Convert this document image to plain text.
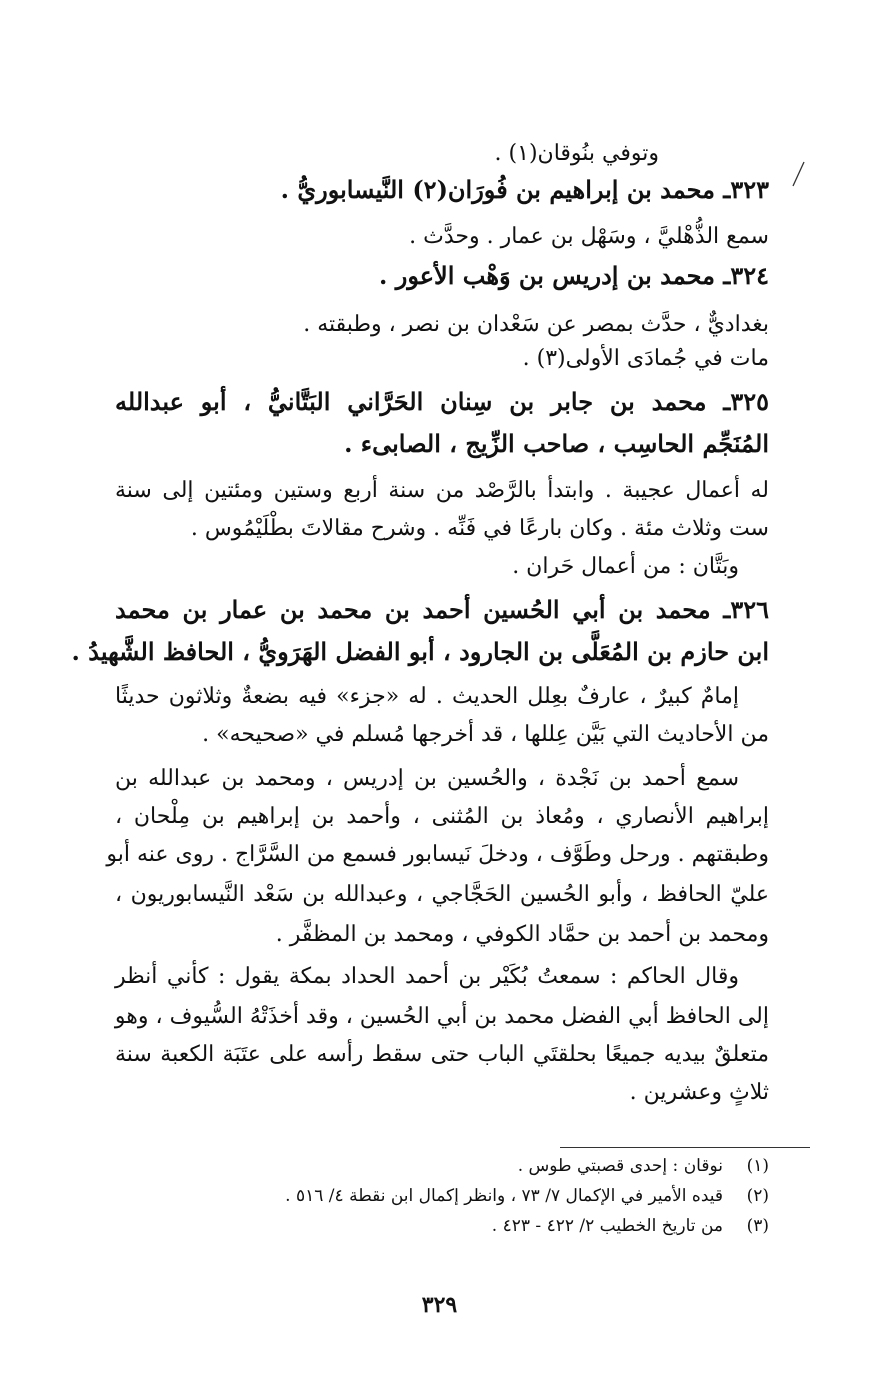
وتوفي بنُوقان(١) .
٣٢٣ـ محمد بن إبراهيم بن فُورَان(٢) النَّيسابوريُّ .
سمع الذُّهْليَّ ، وسَهْل بن عمار . وحدَّث .
٣٢٤ـ محمد بن إدريس بن وَهْب الأعور .
بغداديٌّ ، حدَّث بمصر عن سَعْدان بن نصر ، وطبقته .
مات في جُمادَى الأولى(٣) .
٣٢٥ـ محمد بن جابر بن سِنان الحَرَّاني البَتَّانيُّ ، أبو عبدالله
المُنَجِّم الحاسِب ، صاحب الزِّيج ، الصابىء .
له أعمال عجيبة . وابتدأ بالرَّصْد من سنة أربع وستين ومئتين إلى سنة
ست وثلاث مئة . وكان بارعًا في فَنِّه . وشرح مقالاتَ بطْلَيْمُوس .
وبَتَّان : من أعمال حَران .
٣٢٦ـ محمد بن أبي الحُسين أحمد بن محمد بن عمار بن محمد
ابن حازم بن المُعَلَّى بن الجارود ، أبو الفضل الهَرَويُّ ، الحافظ الشَّهيدُ .
إمامٌ كبيرٌ ، عارفٌ بعِلل الحديث . له «جزء» فيه بضعةٌ وثلاثون حديثًا
من الأحاديث التي بَيَّن عِللها ، قد أخرجها مُسلم في «صحيحه» .
سمع أحمد بن نَجْدة ، والحُسين بن إدريس ، ومحمد بن عبدالله بن
إبراهيم الأنصاري ، ومُعاذ بن المُثنى ، وأحمد بن إبراهيم بن مِلْحان ،
وطبقتهم . ورحل وطَوَّف ، ودخلَ نَيسابور فسمع من السَّرَّاج . روى عنه أبو
عليّ الحافظ ، وأبو الحُسين الحَجَّاجي ، وعبدالله بن سَعْد النَّيسابوريون ،
ومحمد بن أحمد بن حمَّاد الكوفي ، ومحمد بن المظفَّر .
وقال الحاكم : سمعتُ بُكَيْر بن أحمد الحداد بمكة يقول : كأني أنظر
إلى الحافظ أبي الفضل محمد بن أبي الحُسين ، وقد أخذَتْهُ السُّيوف ، وهو
متعلقٌ بيديه جميعًا بحلقتَي الباب حتى سقط رأسه على عتَبَة الكعبة سنة
ثلاثٍ وعشرين .
(١)نوقان : إحدى قصبتي طوس .
(٢)قيده الأمير في الإكمال ٧/ ٧٣ ، وانظر إكمال ابن نقطة ٤/ ٥١٦ .
(٣)من تاريخ الخطيب ٢/ ٤٢٢ - ٤٢٣ .
٣٢٩
